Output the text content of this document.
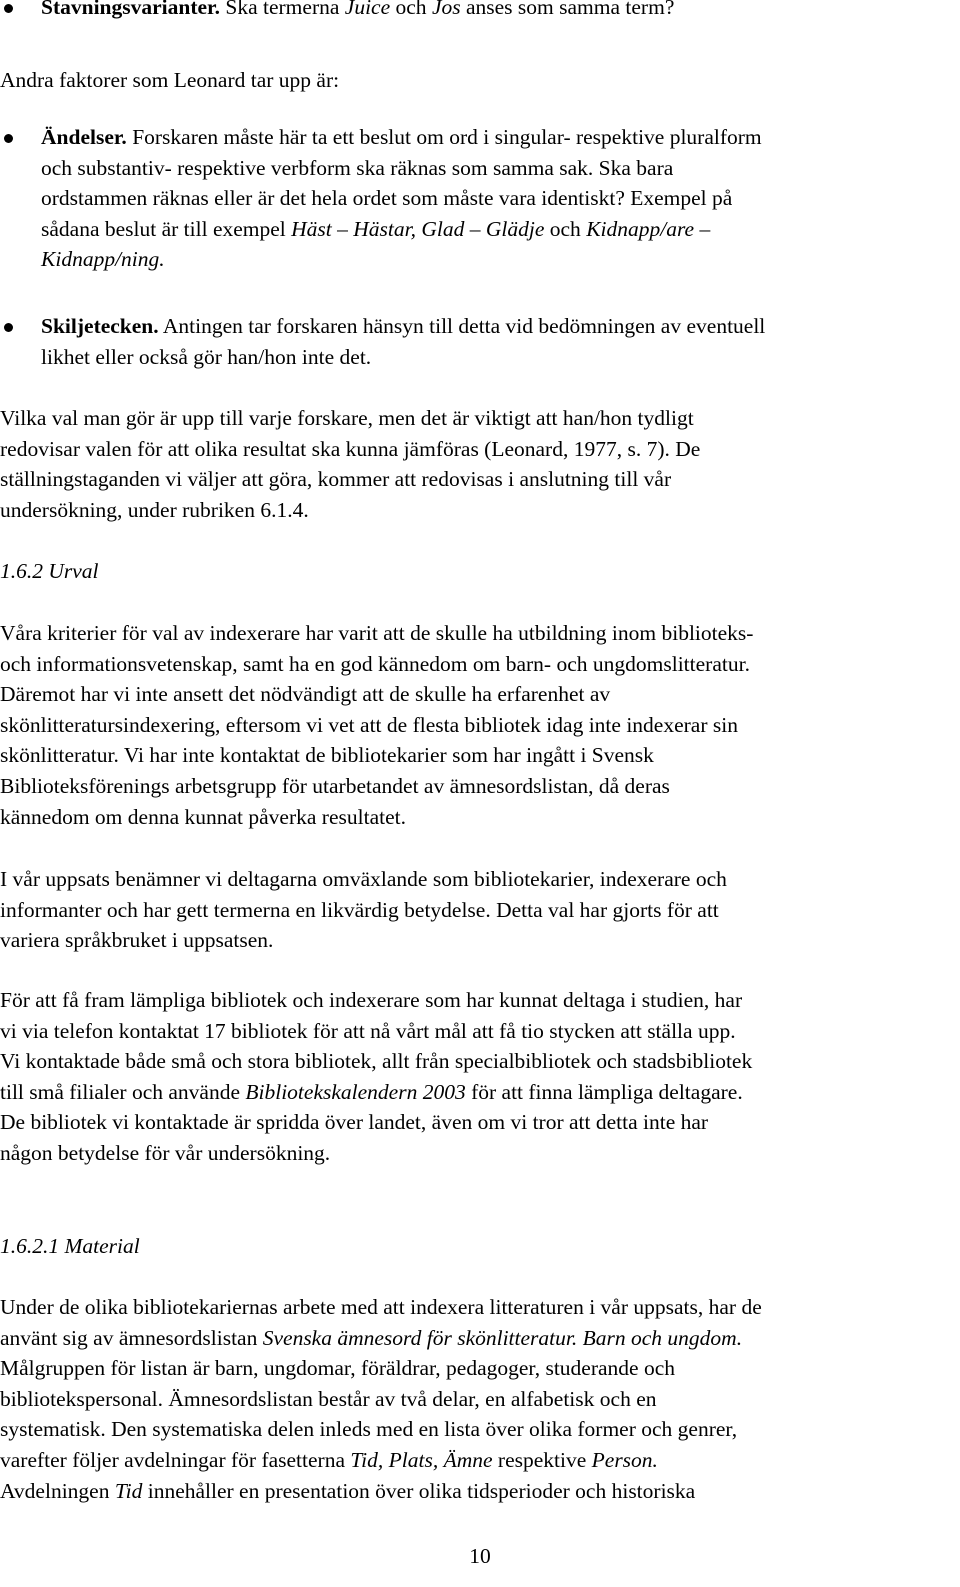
Stavningsvarianter. Ska termerna Juice och Jos anses som samma term?

Andra faktorer som Leonard tar upp är:

Ändelser. Forskaren måste här ta ett beslut om ord i singular- respektive pluralform
och substantiv- respektive verbform ska räknas som samma sak. Ska bara
ordstammen räknas eller är det hela ordet som måste vara identiskt? Exempel på
sådana beslut är till exempel Häst – Hästar, Glad – Glädje och Kidnapp/are –
Kidnapp/ning.
Skiljetecken. Antingen tar forskaren hänsyn till detta vid bedömningen av eventuell
likhet eller också gör han/hon inte det.
Vilka val man gör är upp till varje forskare, men det är viktigt att han/hon tydligt
redovisar valen för att olika resultat ska kunna jämföras (Leonard, 1977, s. 7). De
ställningstaganden vi väljer att göra, kommer att redovisas i anslutning till vår
undersökning, under rubriken 6.1.4.

1.6.2 Urval

Våra kriterier för val av indexerare har varit att de skulle ha utbildning inom biblioteks-
och informationsvetenskap, samt ha en god kännedom om barn- och ungdomslitteratur.
Däremot har vi inte ansett det nödvändigt att de skulle ha erfarenhet av
skönlitteratursindexering, eftersom vi vet att de flesta bibliotek idag inte indexerar sin
skönlitteratur. Vi har inte kontaktat de bibliotekarier som har ingått i Svensk
Biblioteksförenings arbetsgrupp för utarbetandet av ämnesordslistan, då deras
kännedom om denna kunnat påverka resultatet.
I vår uppsats benämner vi deltagarna omväxlande som bibliotekarier, indexerare och
informanter och har gett termerna en likvärdig betydelse. Detta val har gjorts för att
variera språkbruket i uppsatsen.
För att få fram lämpliga bibliotek och indexerare som har kunnat deltaga i studien, har
vi via telefon kontaktat 17 bibliotek för att nå vårt mål att få tio stycken att ställa upp.
Vi kontaktade både små och stora bibliotek, allt från specialbibliotek och stadsbibliotek
till små filialer och använde Bibliotekskalendern 2003 för att finna lämpliga deltagare.
De bibliotek vi kontaktade är spridda över landet, även om vi tror att detta inte har
någon betydelse för vår undersökning.

1.6.2.1 Material

Under de olika bibliotekariernas arbete med att indexera litteraturen i vår uppsats, har de
använt sig av ämnesordslistan Svenska ämnesord för skönlitteratur. Barn och ungdom.
Målgruppen för listan är barn, ungdomar, föräldrar, pedagoger, studerande och
bibliotekspersonal. Ämnesordslistan består av två delar, en alfabetisk och en
systematisk. Den systematiska delen inleds med en lista över olika former och genrer,
varefter följer avdelningar för fasetterna Tid, Plats, Ämne respektive Person.
Avdelningen Tid innehåller en presentation över olika tidsperioder och historiska
10
